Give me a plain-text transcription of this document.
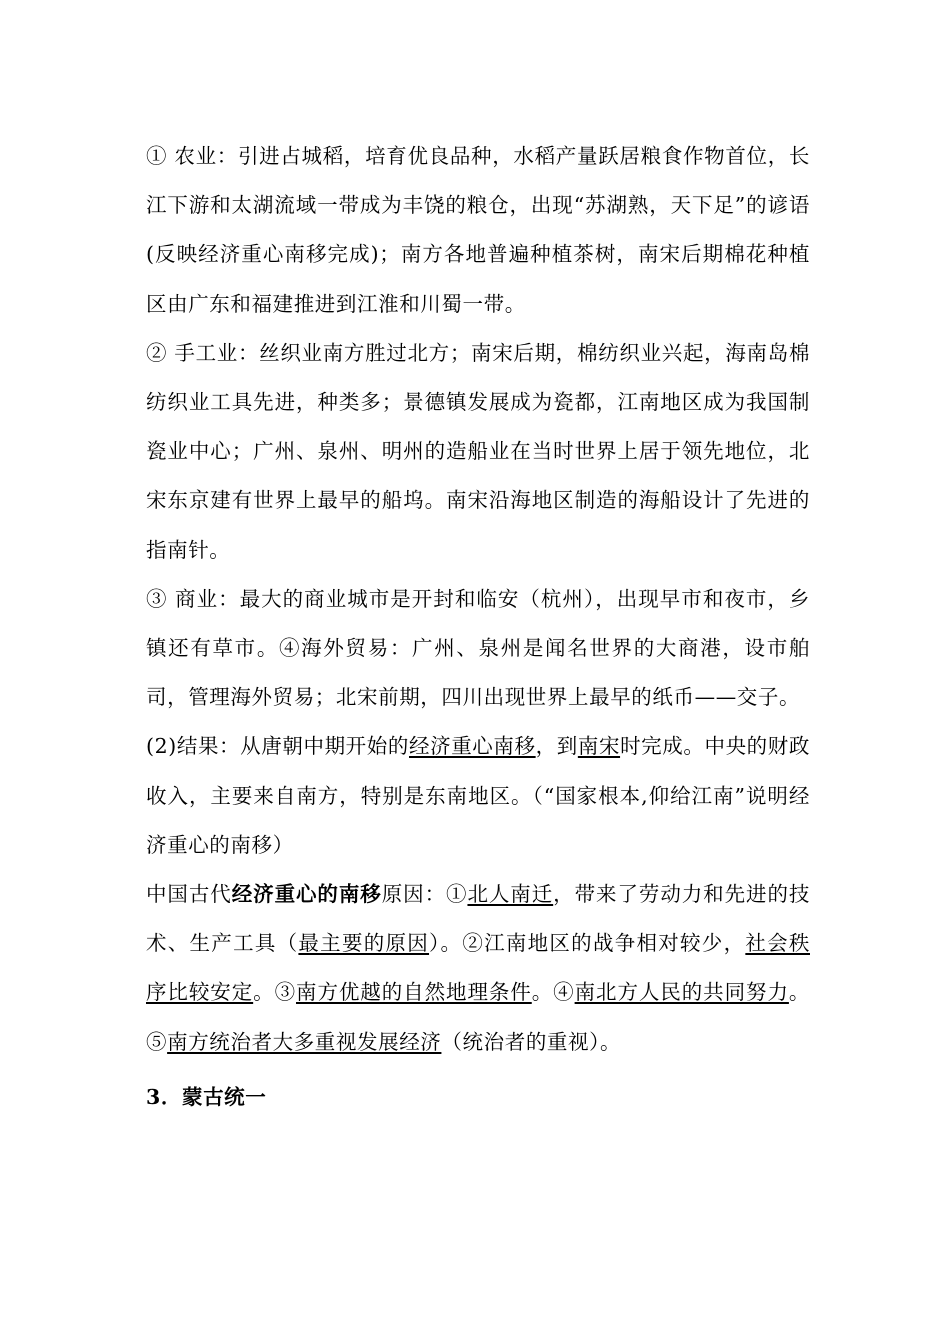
① 农业：引进占城稻，培育优良品种，水稻产量跃居粮食作物首位，长江下游和太湖流域一带成为丰饶的粮仓，出现“苏湖熟，天下足”的谚语(反映经济重心南移完成)；南方各地普遍种植茶树，南宋后期棉花种植区由广东和福建推进到江淮和川蜀一带。

② 手工业：丝织业南方胜过北方；南宋后期，棉纺织业兴起，海南岛棉纺织业工具先进，种类多；景德镇发展成为瓷都，江南地区成为我国制瓷业中心；广州、泉州、明州的造船业在当时世界上居于领先地位，北宋东京建有世界上最早的船坞。南宋沿海地区制造的海船设计了先进的指南针。

③ 商业：最大的商业城市是开封和临安（杭州），出现早市和夜市，乡镇还有草市。④海外贸易：广州、泉州是闻名世界的大商港，设市舶司，管理海外贸易；北宋前期，四川出现世界上最早的纸币——交子。

(2)结果：从唐朝中期开始的经济重心南移，到南宋时完成。中央的财政收入，主要来自南方，特别是东南地区。（“国家根本,仰给江南”说明经济重心的南移）

中国古代经济重心的南移原因：①北人南迁，带来了劳动力和先进的技术、生产工具（最主要的原因）。②江南地区的战争相对较少，社会秩序比较安定。③南方优越的自然地理条件。④南北方人民的共同努力。⑤南方统治者大多重视发展经济（统治者的重视）。

3．蒙古统一
